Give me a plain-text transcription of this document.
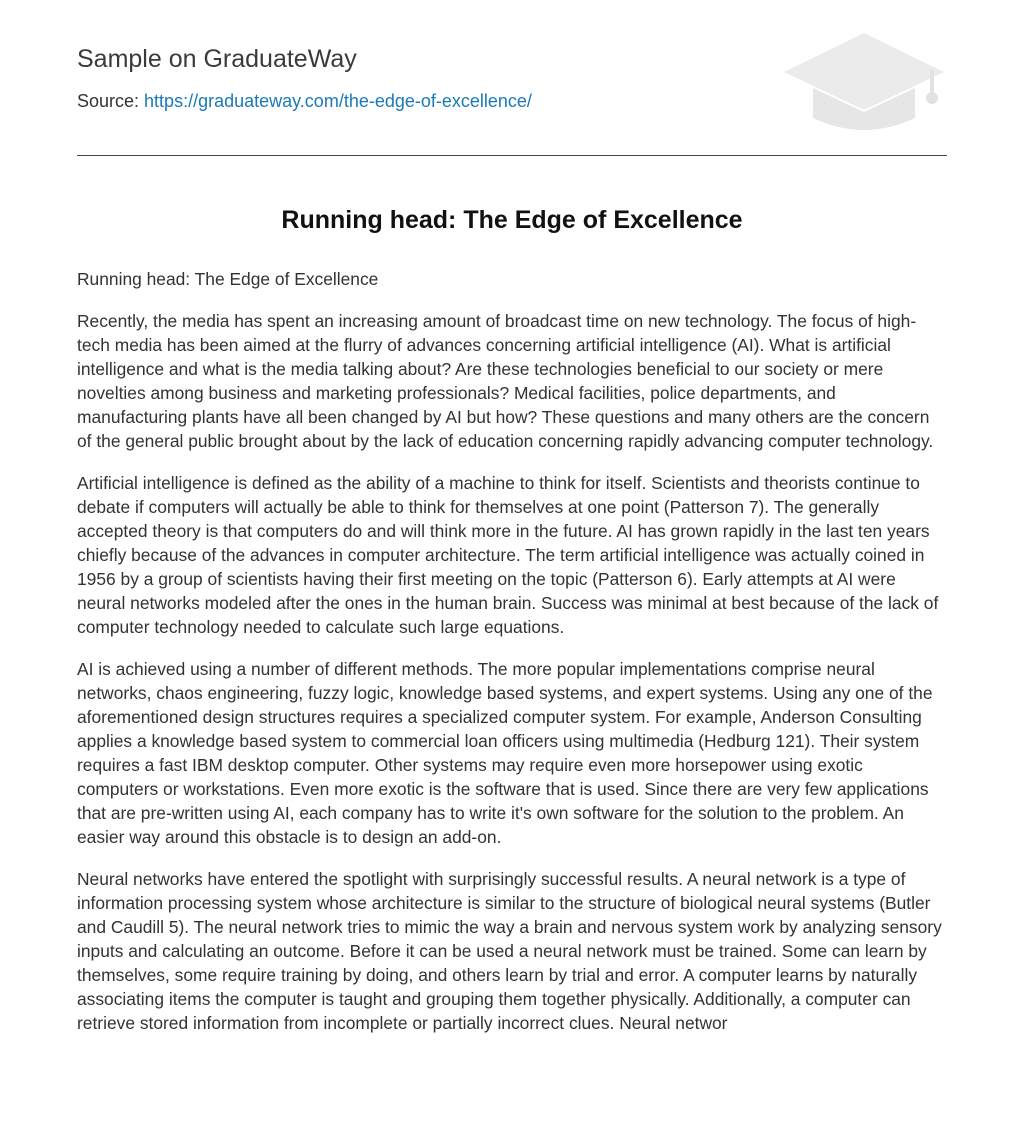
Sample on GraduateWay
Source: https://graduateway.com/the-edge-of-excellence/
Running head: The Edge of Excellence

Running head: The Edge of Excellence

Recently, the media has spent an increasing amount of broadcast time on new technology. The focus of high-tech media has been aimed at the flurry of advances concerning artificial intelligence (AI). What is artificial intelligence and what is the media talking about? Are these technologies beneficial to our society or mere novelties among business and marketing professionals? Medical facilities, police departments, and manufacturing plants have all been changed by AI but how? These questions and many others are the concern of the general public brought about by the lack of education concerning rapidly advancing computer technology.

Artificial intelligence is defined as the ability of a machine to think for itself. Scientists and theorists continue to debate if computers will actually be able to think for themselves at one point (Patterson 7). The generally accepted theory is that computers do and will think more in the future. AI has grown rapidly in the last ten years chiefly because of the advances in computer architecture. The term artificial intelligence was actually coined in 1956 by a group of scientists having their first meeting on the topic (Patterson 6). Early attempts at AI were neural networks modeled after the ones in the human brain. Success was minimal at best because of the lack of computer technology needed to calculate such large equations.

AI is achieved using a number of different methods. The more popular implementations comprise neural networks, chaos engineering, fuzzy logic, knowledge based systems, and expert systems. Using any one of the aforementioned design structures requires a specialized computer system. For example, Anderson Consulting applies a knowledge based system to commercial loan officers using multimedia (Hedburg 121). Their system requires a fast IBM desktop computer. Other systems may require even more horsepower using exotic computers or workstations. Even more exotic is the software that is used. Since there are very few applications that are pre-written using AI, each company has to write it's own software for the solution to the problem. An easier way around this obstacle is to design an add-on.

Neural networks have entered the spotlight with surprisingly successful results. A neural network is a type of information processing system whose architecture is similar to the structure of biological neural systems (Butler and Caudill 5). The neural network tries to mimic the way a brain and nervous system work by analyzing sensory inputs and calculating an outcome. Before it can be used a neural network must be trained. Some can learn by themselves, some require training by doing, and others learn by trial and error. A computer learns by naturally associating items the computer is taught and grouping them together physically. Additionally, a computer can retrieve stored information from incomplete or partially incorrect clues. Neural networ
